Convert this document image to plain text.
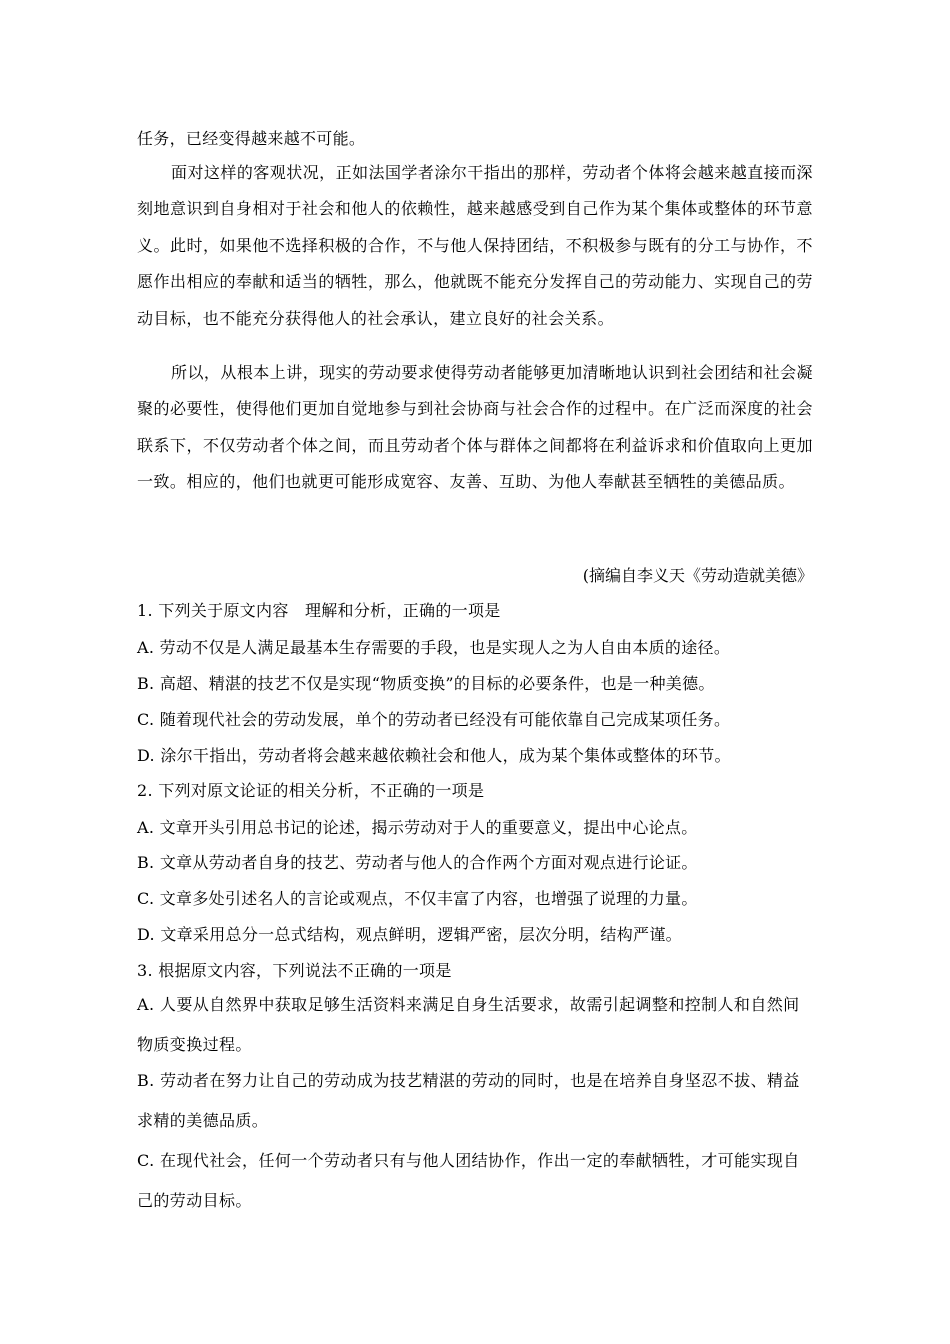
任务，已经变得越来越不可能。

面对这样的客观状况，正如法国学者涂尔干指出的那样，劳动者个体将会越来越直接而深刻地意识到自身相对于社会和他人的依赖性，越来越感受到自己作为某个集体或整体的环节意义。此时，如果他不选择积极的合作，不与他人保持团结，不积极参与既有的分工与协作，不愿作出相应的奉献和适当的牺牲，那么，他就既不能充分发挥自己的劳动能力、实现自己的劳动目标，也不能充分获得他人的社会承认，建立良好的社会关系。

所以，从根本上讲，现实的劳动要求使得劳动者能够更加清晰地认识到社会团结和社会凝聚的必要性，使得他们更加自觉地参与到社会协商与社会合作的过程中。在广泛而深度的社会联系下，不仅劳动者个体之间，而且劳动者个体与群体之间都将在利益诉求和价值取向上更加一致。相应的，他们也就更可能形成宽容、友善、互助、为他人奉献甚至牺牲的美德品质。

(摘编自李义天《劳动造就美德》
1. 下列关于原文内容　理解和分析，正确的一项是
A. 劳动不仅是人满足最基本生存需要的手段，也是实现人之为人自由本质的途径。
B. 高超、精湛的技艺不仅是实现“物质变换”的目标的必要条件，也是一种美德。
C. 随着现代社会的劳动发展，单个的劳动者已经没有可能依靠自己完成某项任务。
D. 涂尔干指出，劳动者将会越来越依赖社会和他人，成为某个集体或整体的环节。
2. 下列对原文论证的相关分析，不正确的一项是
A. 文章开头引用总书记的论述，揭示劳动对于人的重要意义，提出中心论点。
B. 文章从劳动者自身的技艺、劳动者与他人的合作两个方面对观点进行论证。
C. 文章多处引述名人的言论或观点，不仅丰富了内容，也增强了说理的力量。
D. 文章采用总分一总式结构，观点鲜明，逻辑严密，层次分明，结构严谨。
3. 根据原文内容，下列说法不正确的一项是

A. 人要从自然界中获取足够生活资料来满足自身生活要求，故需引起调整和控制人和自然间物质变换过程。

B. 劳动者在努力让自己的劳动成为技艺精湛的劳动的同时，也是在培养自身坚忍不拔、精益求精的美德品质。

C. 在现代社会，任何一个劳动者只有与他人团结协作，作出一定的奉献牺牲，才可能实现自己的劳动目标。
